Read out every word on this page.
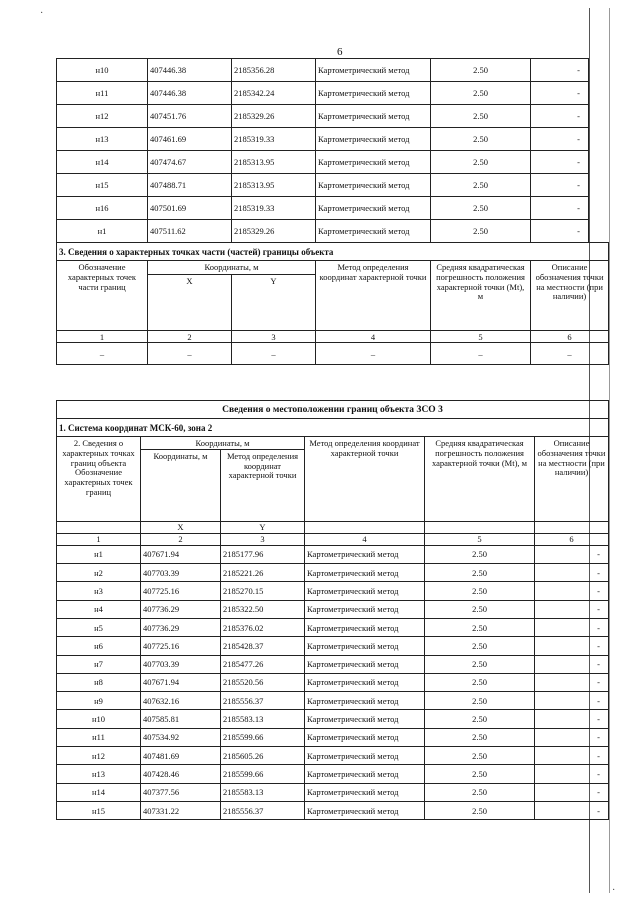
·
·
6
н10	407446.38	2185356.28	Картометрический метод	2.50	-
н11	407446.38	2185342.24	Картометрический метод	2.50	-
н12	407451.76	2185329.26	Картометрический метод	2.50	-
н13	407461.69	2185319.33	Картометрический метод	2.50	-
н14	407474.67	2185313.95	Картометрический метод	2.50	-
н15	407488.71	2185313.95	Картометрический метод	2.50	-
н16	407501.69	2185319.33	Картометрический метод	2.50	-
н1	407511.62	2185329.26	Картометрический метод	2.50	-
3. Сведения о характерных точках части (частей) границы объекта					
Обозначение характерных точек части границ	Координаты, м		Метод определения координат характерной точки	Средняя квадратическая погрешность положения характерной точки (Mt), м	Описание обозначения точки на местности (при наличии)
	X	Y			
1	2	3	4	5	6
–	–	–	–	–	–
Сведения о местоположении границ объекта ЗСО 3					
1. Система координат МСК-60, зона 2					
2. Сведения о характерных точках границ объекта Обозначение характерных точек границ	Координаты, м		Метод определения координат характерной точки	Средняя квадратическая погрешность положения характерной точки (Mt), м	Описание обозначения точки на местности (при наличии)
	Координаты, м	Метод определения координат характерной точки			
	X	Y			
1	2	3	4	5	6
н1	407671.94	2185177.96	Картометрический метод	2.50	-
н2	407703.39	2185221.26	Картометрический метод	2.50	-
н3	407725.16	2185270.15	Картометрический метод	2.50	-
н4	407736.29	2185322.50	Картометрический метод	2.50	-
н5	407736.29	2185376.02	Картометрический метод	2.50	-
н6	407725.16	2185428.37	Картометрический метод	2.50	-
н7	407703.39	2185477.26	Картометрический метод	2.50	-
н8	407671.94	2185520.56	Картометрический метод	2.50	-
н9	407632.16	2185556.37	Картометрический метод	2.50	-
н10	407585.81	2185583.13	Картометрический метод	2.50	-
н11	407534.92	2185599.66	Картометрический метод	2.50	-
н12	407481.69	2185605.26	Картометрический метод	2.50	-
н13	407428.46	2185599.66	Картометрический метод	2.50	-
н14	407377.56	2185583.13	Картометрический метод	2.50	-
н15	407331.22	2185556.37	Картометрический метод	2.50	-
